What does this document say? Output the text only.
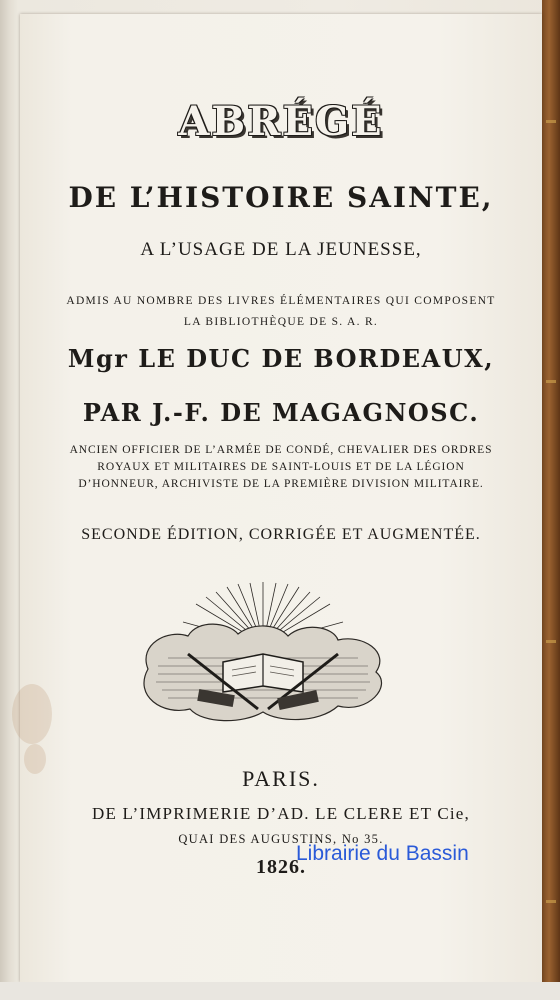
ABRÉGÉ
DE L’HISTOIRE SAINTE,
A L’USAGE DE LA JEUNESSE,
ADMIS AU NOMBRE DES LIVRES ÉLÉMENTAIRES QUI COMPOSENT
LA BIBLIOTHÈQUE DE S. A. R.
Mgr LE DUC DE BORDEAUX,
PAR J.-F. DE MAGAGNOSC.
ANCIEN OFFICIER DE L’ARMÉE DE CONDÉ, CHEVALIER DES ORDRES
ROYAUX ET MILITAIRES DE SAINT-LOUIS ET DE LA LÉGION
D’HONNEUR, ARCHIVISTE DE LA PREMIÈRE DIVISION MILITAIRE.
SECONDE ÉDITION, CORRIGÉE ET AUGMENTÉE.
PARIS.
DE L’IMPRIMERIE D’AD. LE CLERE ET Cie,
QUAI DES AUGUSTINS, No 35.
1826.
Librairie du Bassin
